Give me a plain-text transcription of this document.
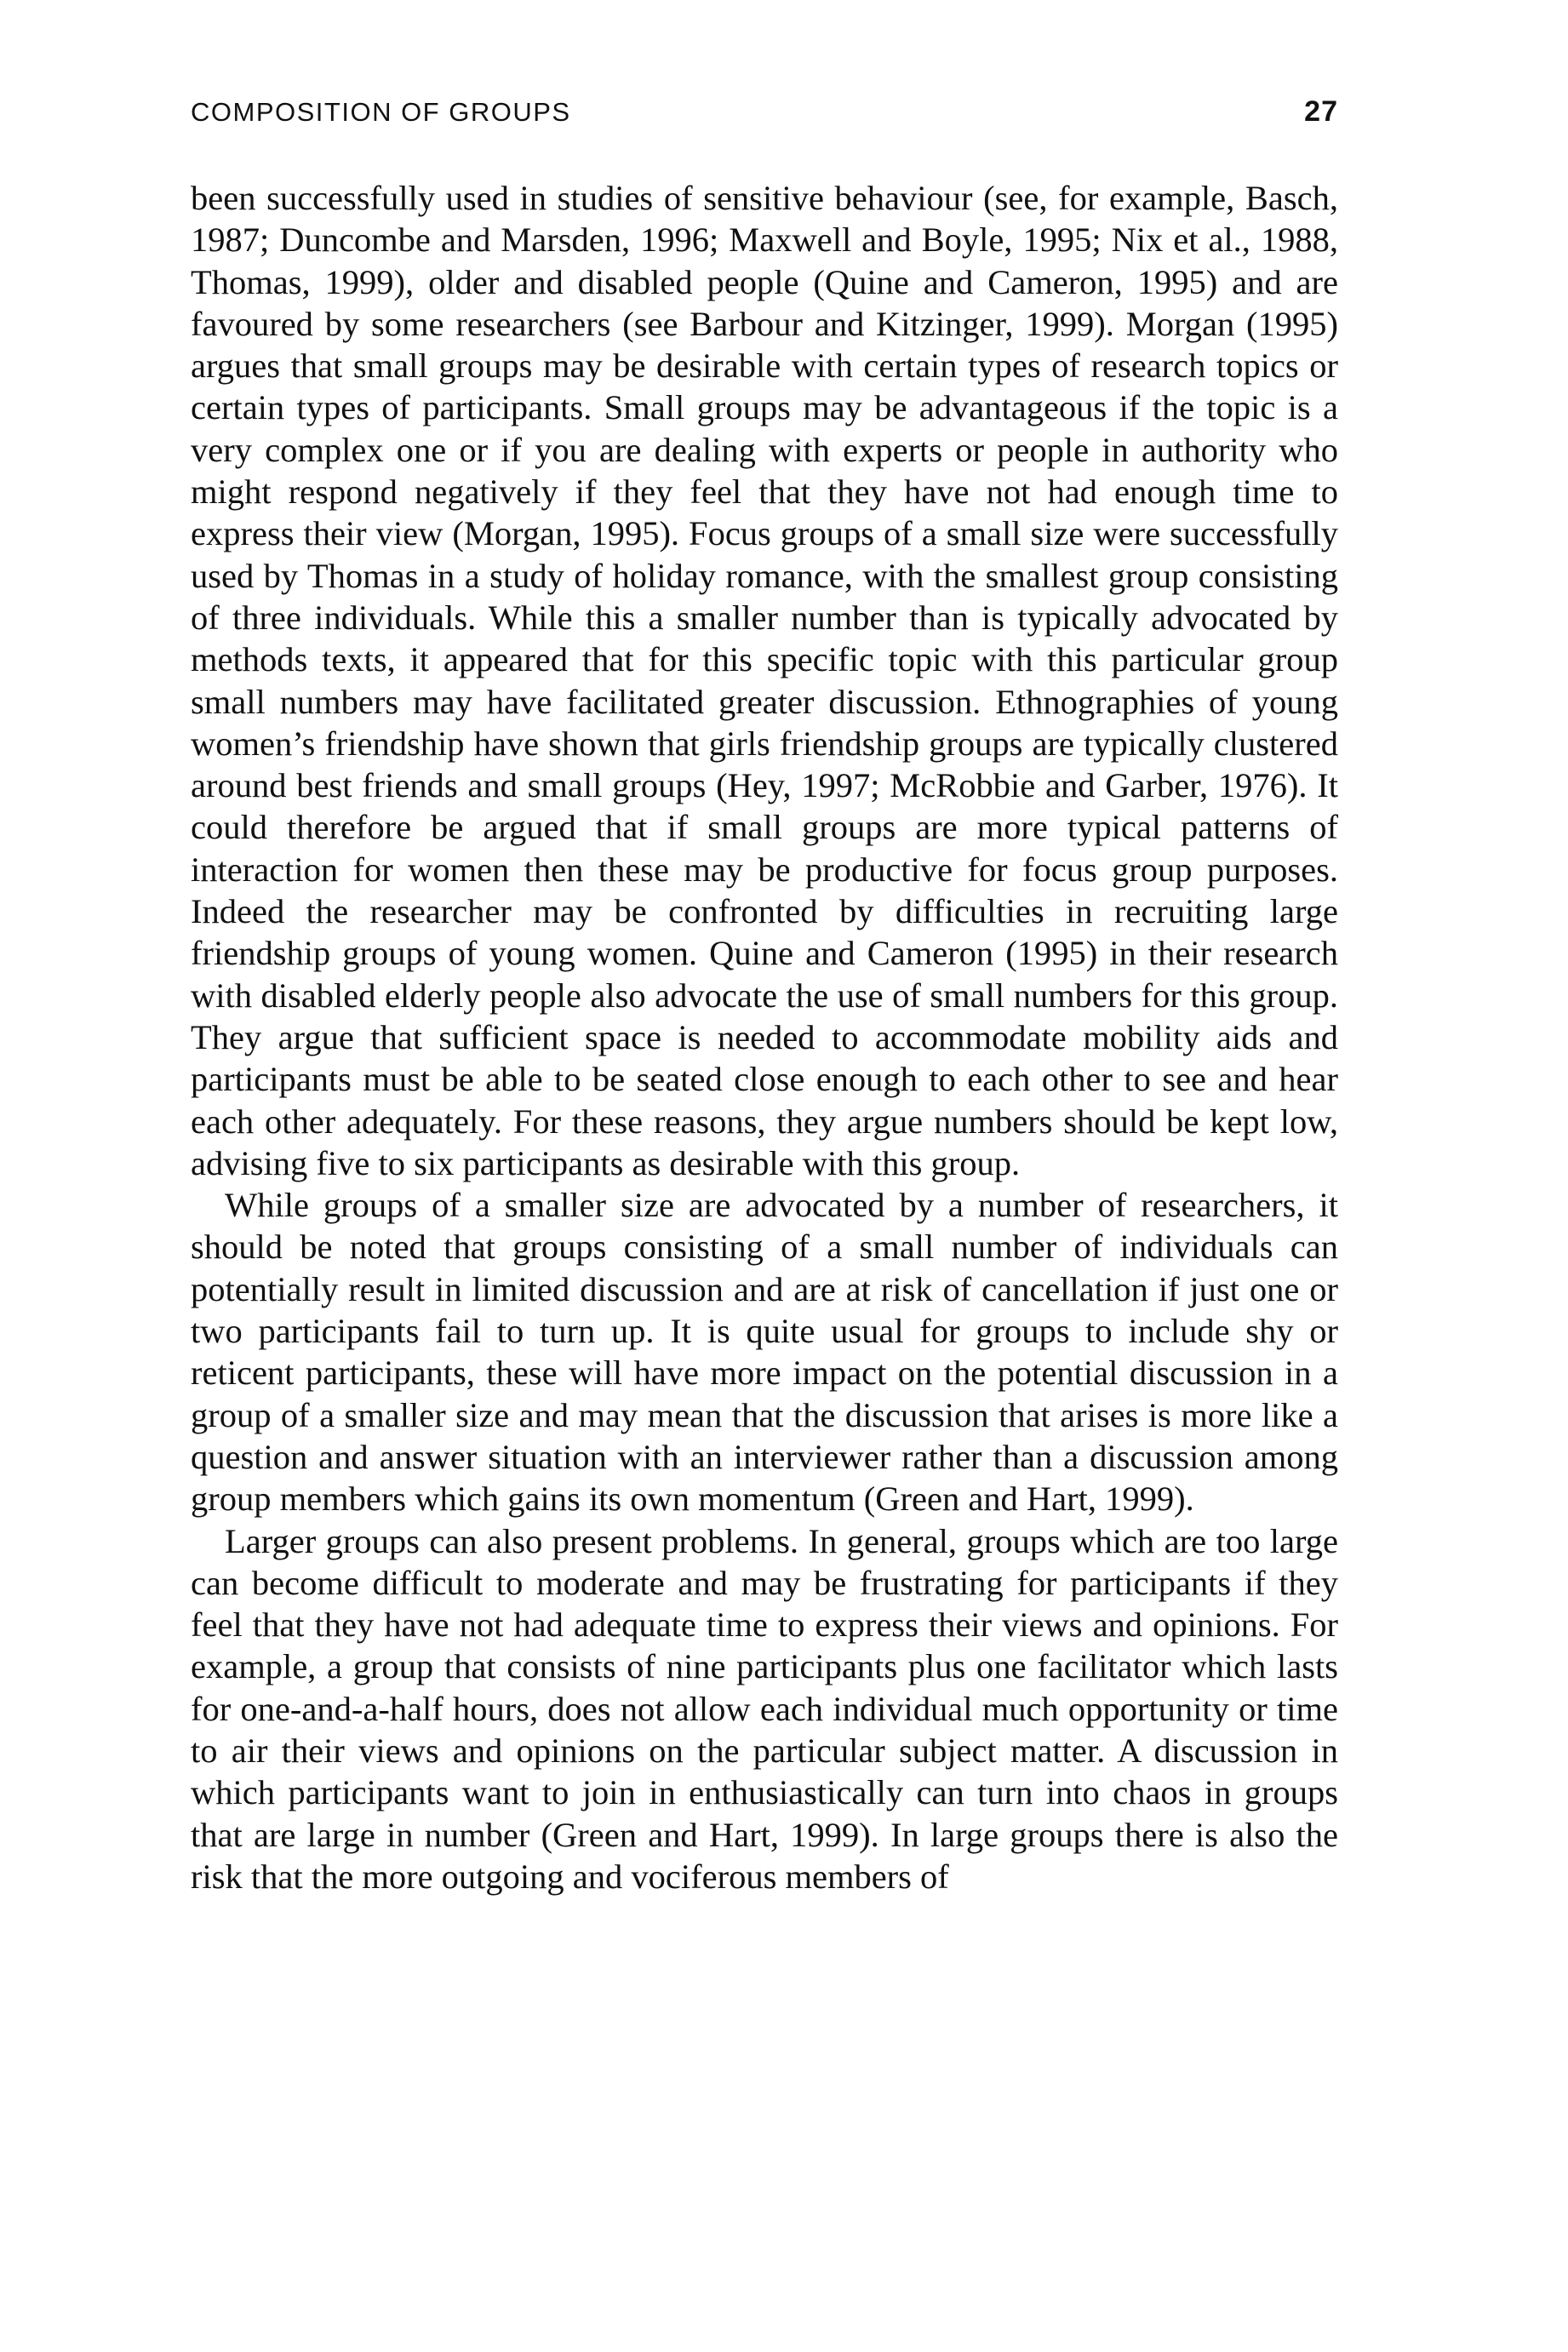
COMPOSITION OF GROUPS	27

been successfully used in studies of sensitive behaviour (see, for example, Basch, 1987; Duncombe and Marsden, 1996; Maxwell and Boyle, 1995; Nix et al., 1988, Thomas, 1999), older and disabled people (Quine and Cameron, 1995) and are favoured by some researchers (see Barbour and Kitzinger, 1999). Morgan (1995) argues that small groups may be desirable with certain types of research topics or certain types of participants. Small groups may be advantageous if the topic is a very complex one or if you are dealing with experts or people in authority who might respond negatively if they feel that they have not had enough time to express their view (Morgan, 1995). Focus groups of a small size were successfully used by Thomas in a study of holiday romance, with the smallest group consisting of three individuals. While this a smaller number than is typically advocated by methods texts, it appeared that for this specific topic with this particular group small numbers may have facilitated greater discussion. Ethnographies of young women’s friendship have shown that girls friendship groups are typically clustered around best friends and small groups (Hey, 1997; McRobbie and Garber, 1976). It could therefore be argued that if small groups are more typical patterns of interaction for women then these may be productive for focus group purposes. Indeed the researcher may be confronted by difficulties in recruiting large friendship groups of young women. Quine and Cameron (1995) in their research with disabled elderly people also advocate the use of small numbers for this group. They argue that sufficient space is needed to accommodate mobility aids and participants must be able to be seated close enough to each other to see and hear each other adequately. For these reasons, they argue numbers should be kept low, advising five to six participants as desirable with this group.

While groups of a smaller size are advocated by a number of researchers, it should be noted that groups consisting of a small number of individuals can potentially result in limited discussion and are at risk of cancellation if just one or two participants fail to turn up. It is quite usual for groups to include shy or reticent participants, these will have more impact on the potential discussion in a group of a smaller size and may mean that the discussion that arises is more like a question and answer situation with an interviewer rather than a discussion among group members which gains its own momentum (Green and Hart, 1999).

Larger groups can also present problems. In general, groups which are too large can become difficult to moderate and may be frustrating for participants if they feel that they have not had adequate time to express their views and opinions. For example, a group that consists of nine participants plus one facilitator which lasts for one-and-a-half hours, does not allow each individual much opportunity or time to air their views and opinions on the particular subject matter. A discussion in which participants want to join in enthusiastically can turn into chaos in groups that are large in number (Green and Hart, 1999). In large groups there is also the risk that the more outgoing and vociferous members of
